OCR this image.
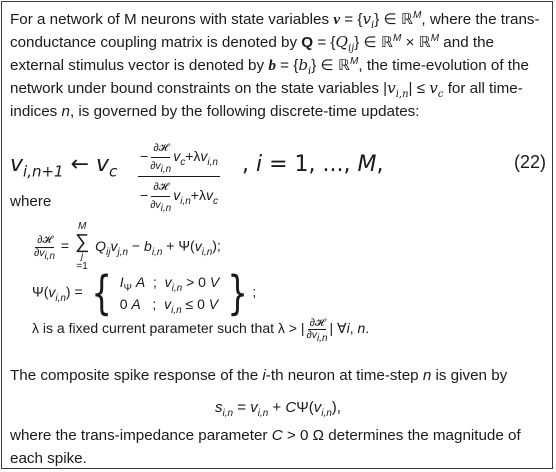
For a network of M neurons with state variables $v = \{v_i\}$ ∈ ℝ$^M$, where the trans-conductance coupling matrix is denoted by $Q = \{Q_{ij}\}$ ∈ ℝ$^M$ × ℝ$^M$ and the external stimulus vector is denoted by $b = \{b_i\}$ ∈ ℝ$^M$, the time-evolution of the network under bound constraints on the state variables $|v_{i,n}| \le v_c$ for all time-indices n, is governed by the following discrete-time updates:

$v_{i,n+1}$ ← $v_c$
− $\frac{\text{∂𝓗}}{\partial v_{i,n}} v_c+\lambda v_{i,n}$
− $\frac{\text{∂𝓗}}{\partial v_{i,n}} v_{i,n}+\lambda v_c$
, i = 1, ..., M,	(22)

where

$\frac{\text{∂𝓗}}{\partial v_{i,n}}$ =
M
∑
j
=1 $Q_{ij}v_{j,n} - b_{i,n} + \Psi(v_{i,n})$;
$\Psi(v_{i,n})$ = { $I_\Psi$ A  ;  $v_{i,n} > 0$ V
0 A   ;  $v_{i,n} \le 0$ V } ;
λ is a fixed current parameter such that λ > | $\frac{\text{∂𝓗}}{\partial v_{i,n}}$ | ∀i, n.

The composite spike response of the i-th neuron at time-step n is given by

$s_{i,n} = v_{i,n} + C\Psi(v_{i,n})$,

where the trans-impedance parameter C > 0 Ω determines the magnitude of each spike.
